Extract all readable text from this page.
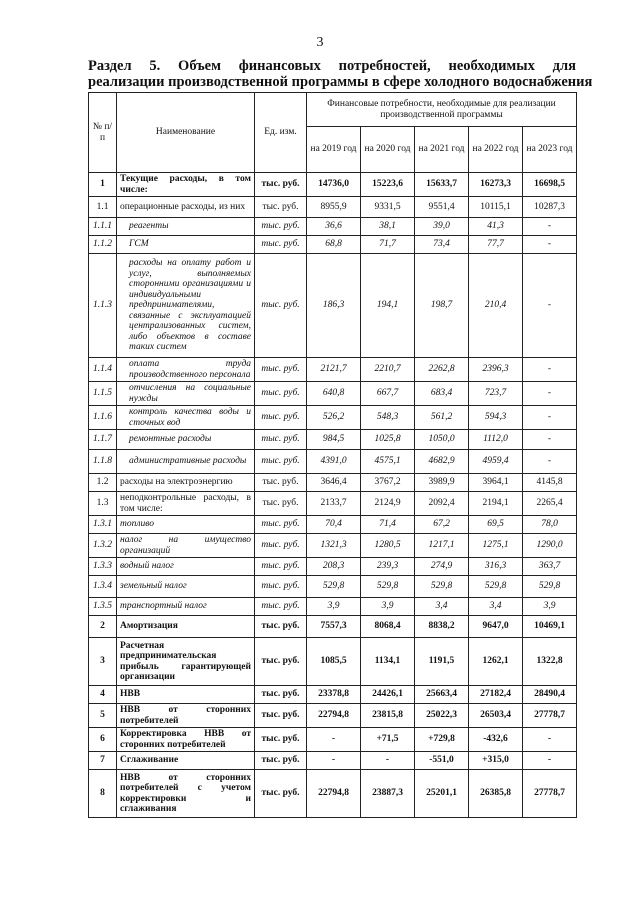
3
Раздел 5. Объем финансовых потребностей, необходимых для
реализации производственной программы в сфере холодного водоснабжения
№ п/п	Наименование	Ед. изм.	Финансовые потребности, необходимые для реализации производственной программы				
			на 2019 год	на 2020 год	на 2021 год	на 2022 год	на 2023 год
1	Текущие расходы, в том числе:	тыс. руб.	14736,0	15223,6	15633,7	16273,3	16698,5
1.1	операционные расходы, из них	тыс. руб.	8955,9	9331,5	9551,4	10115,1	10287,3
1.1.1	реагенты	тыс. руб.	36,6	38,1	39,0	41,3	-
1.1.2	ГСМ	тыс. руб.	68,8	71,7	73,4	77,7	-
1.1.3	расходы на оплату работ и услуг, выполняемых сторонними организациями и индивидуальными предпринимателями, связанные с эксплуатацией централизованных систем, либо объектов в составе таких систем	тыс. руб.	186,3	194,1	198,7	210,4	-
1.1.4	оплата труда производственного персонала	тыс. руб.	2121,7	2210,7	2262,8	2396,3	-
1.1.5	отчисления на социальные нужды	тыс. руб.	640,8	667,7	683,4	723,7	-
1.1.6	контроль качества воды и сточных вод	тыс. руб.	526,2	548,3	561,2	594,3	-
1.1.7	ремонтные расходы	тыс. руб.	984,5	1025,8	1050,0	1112,0	-
1.1.8	административные расходы	тыс. руб.	4391,0	4575,1	4682,9	4959,4	-
1.2	расходы на электроэнергию	тыс. руб.	3646,4	3767,2	3989,9	3964,1	4145,8
1.3	неподконтрольные расходы, в том числе:	тыс. руб.	2133,7	2124,9	2092,4	2194,1	2265,4
1.3.1	топливо	тыс. руб.	70,4	71,4	67,2	69,5	78,0
1.3.2	налог на имущество организаций	тыс. руб.	1321,3	1280,5	1217,1	1275,1	1290,0
1.3.3	водный налог	тыс. руб.	208,3	239,3	274,9	316,3	363,7
1.3.4	земельный налог	тыс. руб.	529,8	529,8	529,8	529,8	529,8
1.3.5	транспортный налог	тыс. руб.	3,9	3,9	3,4	3,4	3,9
2	Амортизация	тыс. руб.	7557,3	8068,4	8838,2	9647,0	10469,1
3	Расчетная предпринимательская прибыль гарантирующей организации	тыс. руб.	1085,5	1134,1	1191,5	1262,1	1322,8
4	НВВ	тыс. руб.	23378,8	24426,1	25663,4	27182,4	28490,4
5	НВВ от сторонних потребителей	тыс. руб.	22794,8	23815,8	25022,3	26503,4	27778,7
6	Корректировка НВВ от сторонних потребителей	тыс. руб.	-	+71,5	+729,8	-432,6	-
7	Сглаживание	тыс. руб.	-	-	-551,0	+315,0	-
8	НВВ от сторонних потребителей с учетом корректировки и сглаживания	тыс. руб.	22794,8	23887,3	25201,1	26385,8	27778,7
